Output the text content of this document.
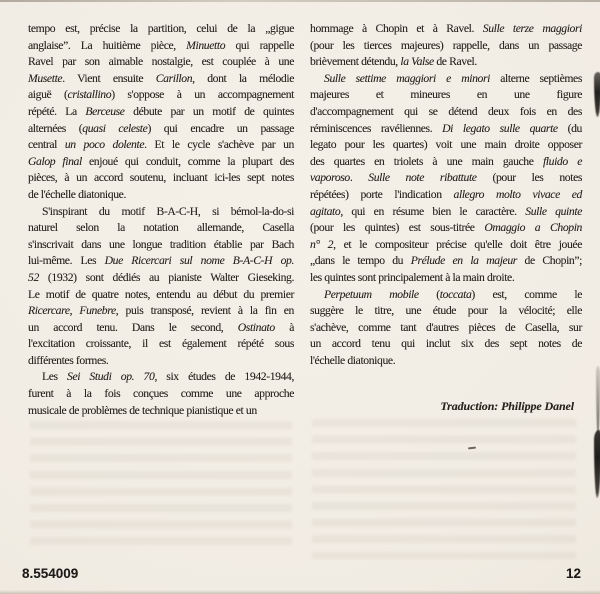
tempo est, précise la partition, celui de la „gigue
anglaise”. La huitième pièce, Minuetto qui rappelle
Ravel par son aimable nostalgie, est couplée à une
Musette. Vient ensuite Carillon, dont la mélodie
aiguë (cristallino) s'oppose à un accompagnement
répété. La Berceuse débute par un motif de quintes
alternées (quasi celeste) qui encadre un passage
central un poco dolente. Et le cycle s'achève par un
Galop final enjoué qui conduit, comme la plupart des
pièces, à un accord soutenu, incluant ici-les sept notes
de l'échelle diatonique.
S'inspirant du motif B-A-C-H, si bémol-la-do-si
naturel selon la notation allemande, Casella
s'inscrivait dans une longue tradition établie par Bach
lui-même. Les Due Ricercari sul nome B-A-C-H op.
52 (1932) sont dédiés au pianiste Walter Gieseking.
Le motif de quatre notes, entendu au début du premier
Ricercare, Funebre, puis transposé, revient à la fin en
un accord tenu. Dans le second, Ostinato à
l'excitation croissante, il est également répété sous
différentes formes.
Les Sei Studi op. 70, six études de 1942-1944,
furent à la fois conçues comme une approche
musicale de problèmes de technique pianistique et un
hommage à Chopin et à Ravel. Sulle terze maggiori
(pour les tierces majeures) rappelle, dans un passage
brièvement détendu, la Valse de Ravel.
Sulle settime maggiori e minori alterne septièmes
majeures et mineures en une figure
d'accompagnement qui se détend deux fois en des
réminiscences ravéliennes. Di legato sulle quarte (du
legato pour les quartes) voit une main droite opposer
des quartes en triolets à une main gauche fluido e
vaporoso. Sulle note ribattute (pour les notes
répétées) porte l'indication allegro molto vivace ed
agitato, qui en résume bien le caractère. Sulle quinte
(pour les quintes) est sous-titrée Omaggio a Chopin
n° 2, et le compositeur précise qu'elle doit être jouée
„dans le tempo du Prélude en la majeur de Chopin”;
les quintes sont principalement à la main droite.
Perpetuum mobile (toccata) est, comme le
suggère le titre, une étude pour la vélocité; elle
s'achève, comme tant d'autres pièces de Casella, sur
un accord tenu qui inclut six des sept notes de
l'échelle diatonique.
Traduction: Philippe Danel
8.554009	12
